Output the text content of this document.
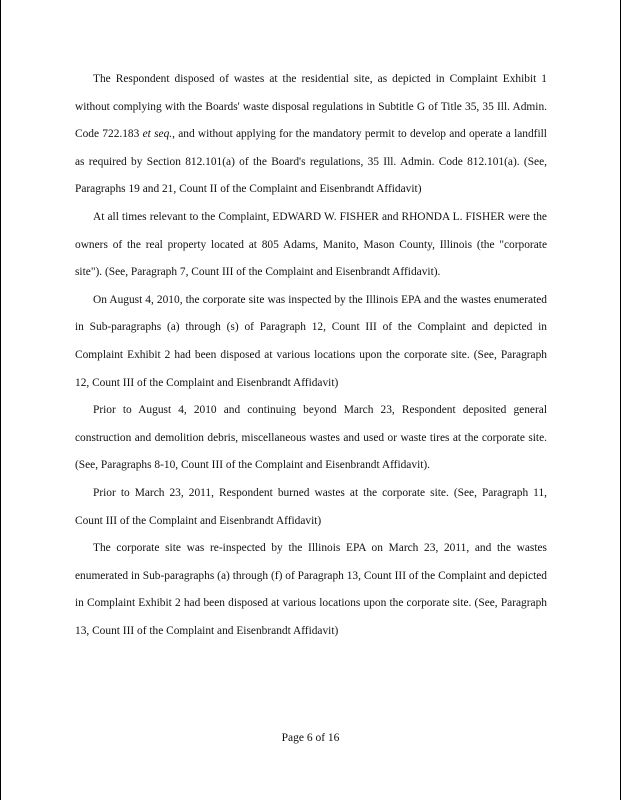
The Respondent disposed of wastes at the residential site, as depicted in Complaint Exhibit 1 without complying with the Boards' waste disposal regulations in Subtitle G of Title 35, 35 Ill. Admin. Code 722.183 et seq., and without applying for the mandatory permit to develop and operate a landfill as required by Section 812.101(a) of the Board's regulations, 35 Ill. Admin. Code 812.101(a). (See, Paragraphs 19 and 21, Count II of the Complaint and Eisenbrandt Affidavit)

At all times relevant to the Complaint, EDWARD W. FISHER and RHONDA L. FISHER were the owners of the real property located at 805 Adams, Manito, Mason County, Illinois (the "corporate site"). (See, Paragraph 7, Count III of the Complaint and Eisenbrandt Affidavit).

On August 4, 2010, the corporate site was inspected by the Illinois EPA and the wastes enumerated in Sub-paragraphs (a) through (s) of Paragraph 12, Count III of the Complaint and depicted in Complaint Exhibit 2 had been disposed at various locations upon the corporate site. (See, Paragraph 12, Count III of the Complaint and Eisenbrandt Affidavit)

Prior to August 4, 2010 and continuing beyond March 23, Respondent deposited general construction and demolition debris, miscellaneous wastes and used or waste tires at the corporate site. (See, Paragraphs 8-10, Count III of the Complaint and Eisenbrandt Affidavit).

Prior to March 23, 2011, Respondent burned wastes at the corporate site. (See, Paragraph 11, Count III of the Complaint and Eisenbrandt Affidavit)

The corporate site was re-inspected by the Illinois EPA on March 23, 2011, and the wastes enumerated in Sub-paragraphs (a) through (f) of Paragraph 13, Count III of the Complaint and depicted in Complaint Exhibit 2 had been disposed at various locations upon the corporate site. (See, Paragraph 13, Count III of the Complaint and Eisenbrandt Affidavit)

Page 6 of 16
